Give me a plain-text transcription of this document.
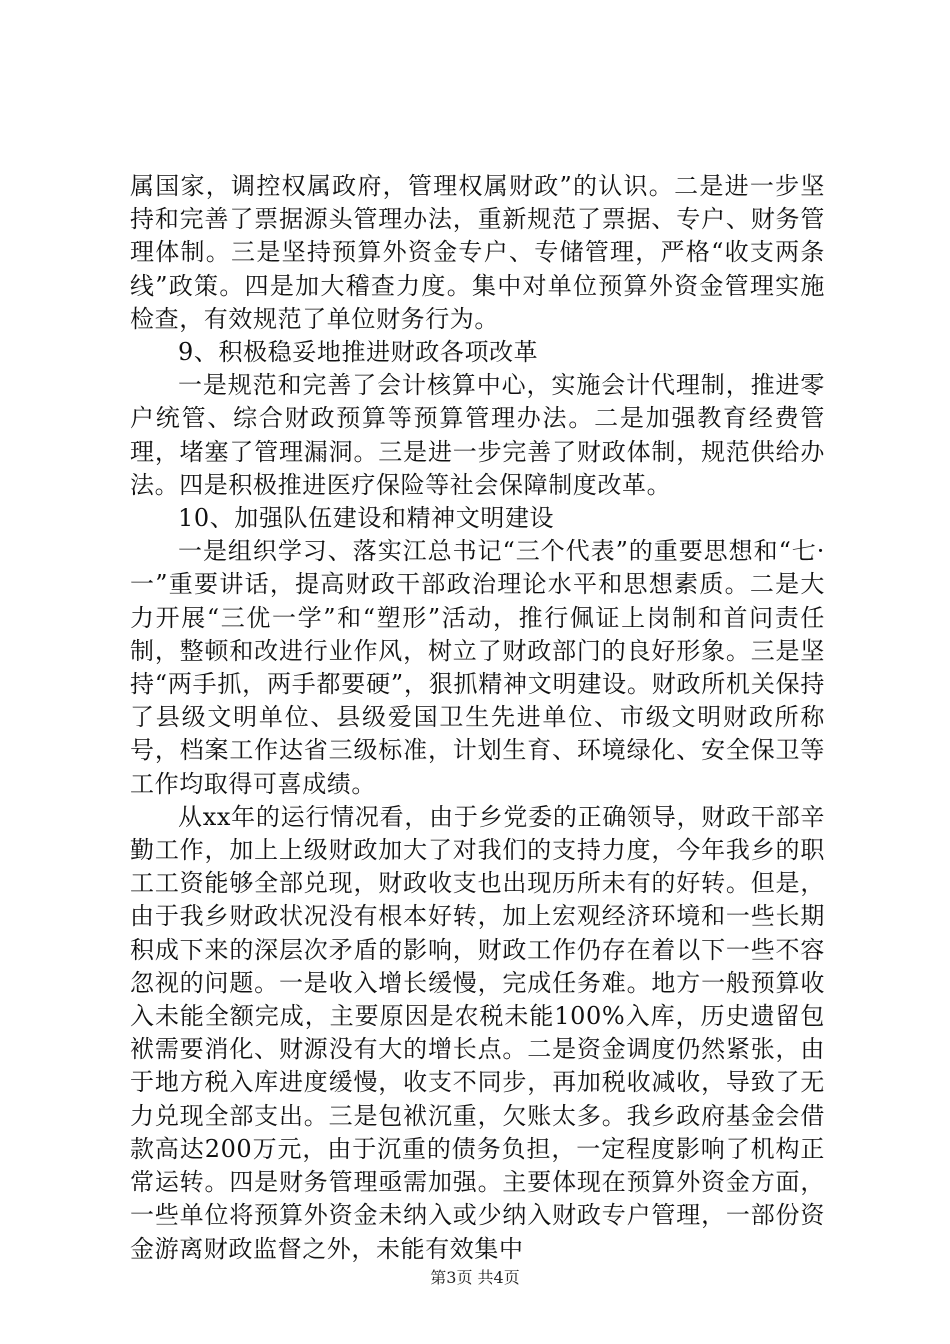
属国家，调控权属政府，管理权属财政”的认识。二是进一步坚持和完善了票据源头管理办法，重新规范了票据、专户、财务管理体制。三是坚持预算外资金专户、专储管理，严格“收支两条线”政策。四是加大稽查力度。集中对单位预算外资金管理实施检查，有效规范了单位财务行为。

9、积极稳妥地推进财政各项改革

一是规范和完善了会计核算中心，实施会计代理制，推进零户统管、综合财政预算等预算管理办法。二是加强教育经费管理，堵塞了管理漏洞。三是进一步完善了财政体制，规范供给办法。四是积极推进医疗保险等社会保障制度改革。

10、加强队伍建设和精神文明建设

一是组织学习、落实江总书记“三个代表”的重要思想和“七·一”重要讲话，提高财政干部政治理论水平和思想素质。二是大力开展“三优一学”和“塑形”活动，推行佩证上岗制和首问责任制，整顿和改进行业作风，树立了财政部门的良好形象。三是坚持“两手抓，两手都要硬”，狠抓精神文明建设。财政所机关保持了县级文明单位、县级爱国卫生先进单位、市级文明财政所称号，档案工作达省三级标准，计划生育、环境绿化、安全保卫等工作均取得可喜成绩。

从xx年的运行情况看，由于乡党委的正确领导，财政干部辛勤工作，加上上级财政加大了对我们的支持力度，今年我乡的职工工资能够全部兑现，财政收支也出现历所未有的好转。但是，由于我乡财政状况没有根本好转，加上宏观经济环境和一些长期积成下来的深层次矛盾的影响，财政工作仍存在着以下一些不容忽视的问题。一是收入增长缓慢，完成任务难。地方一般预算收入未能全额完成，主要原因是农税未能100%入库，历史遗留包袱需要消化、财源没有大的增长点。二是资金调度仍然紧张，由于地方税入库进度缓慢，收支不同步，再加税收减收，导致了无力兑现全部支出。三是包袱沉重，欠账太多。我乡政府基金会借款高达200万元，由于沉重的债务负担，一定程度影响了机构正常运转。四是财务管理亟需加强。主要体现在预算外资金方面，一些单位将预算外资金未纳入或少纳入财政专户管理，一部份资金游离财政监督之外，未能有效集中

第3页 共4页
